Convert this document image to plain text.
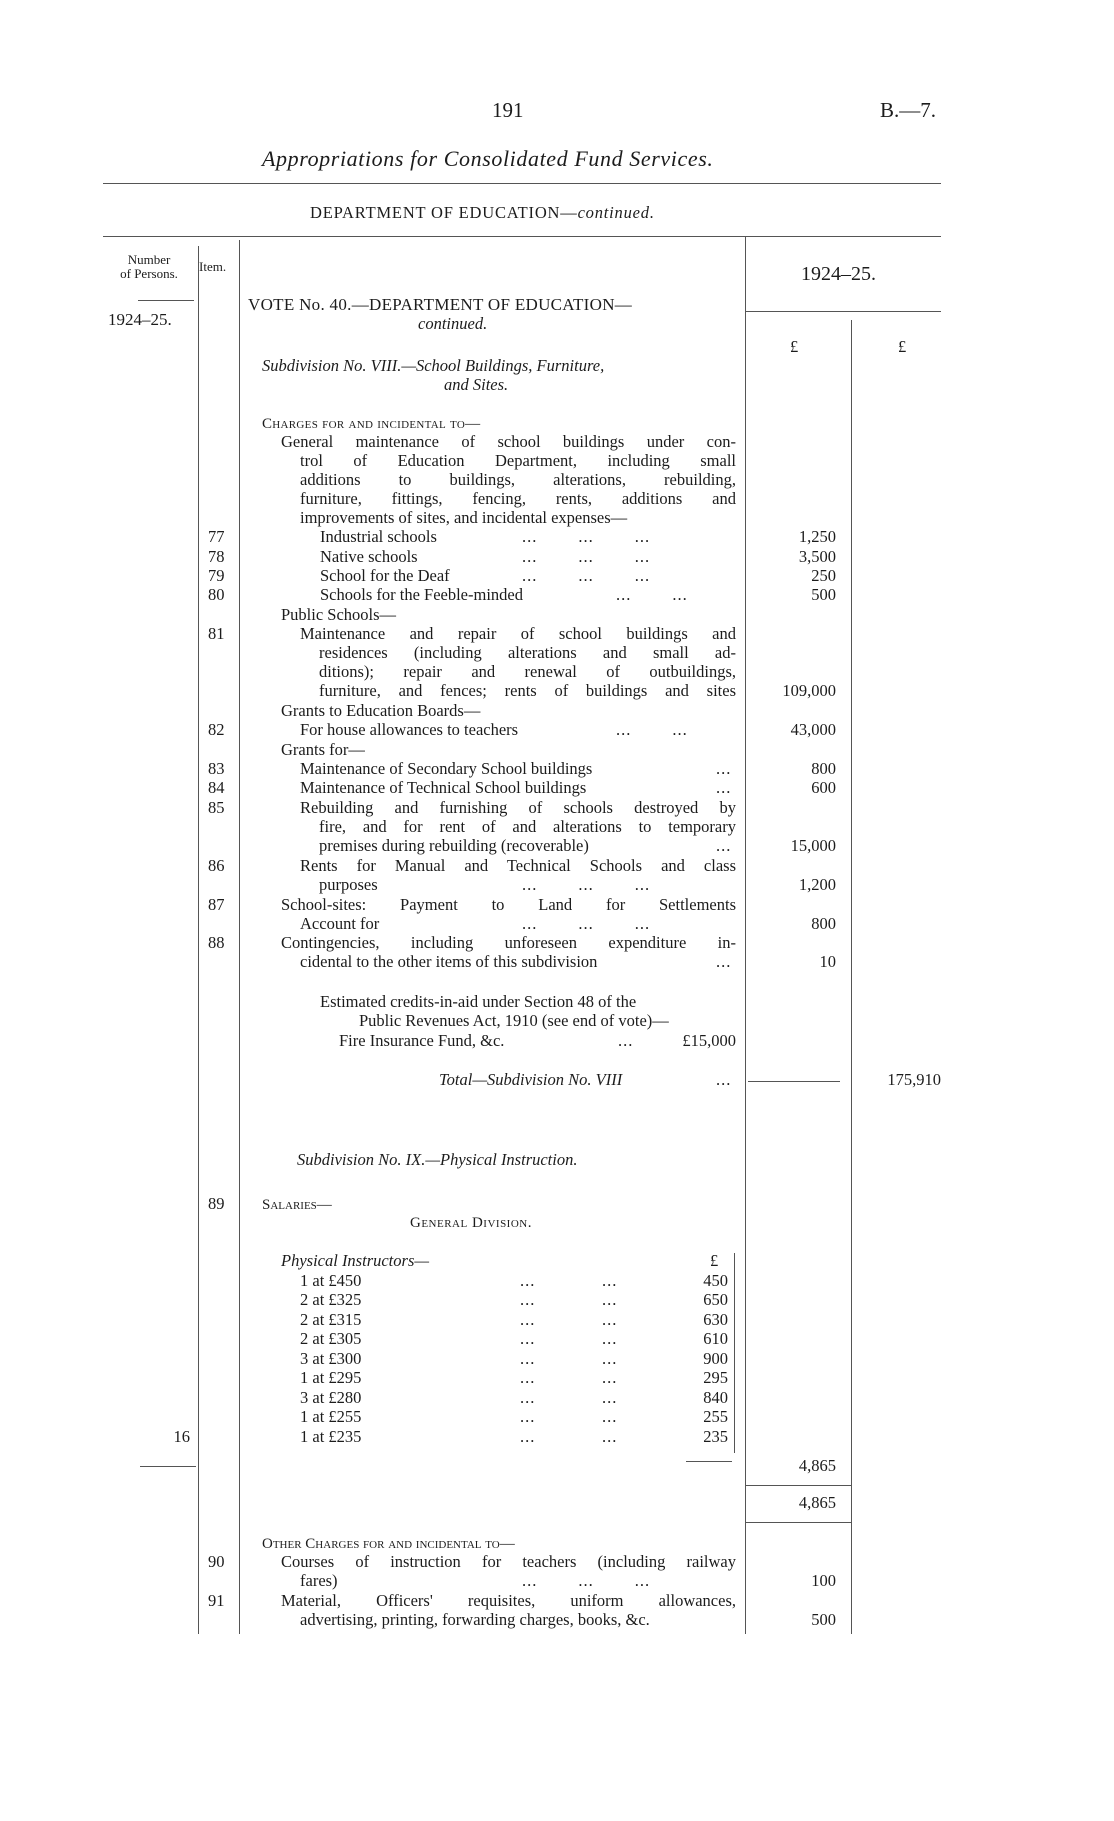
191	B.—7.
Appropriations for Consolidated Fund Services.
DEPARTMENT OF EDUCATION—continued.
Number
of Persons.	Item.
1924–25.
1924–25.
£	£
VOTE No. 40.—DEPARTMENT OF EDUCATION—
continued.
Subdivision No. VIII.—School Buildings, Furniture,
and Sites.
Charges for and incidental to—
General maintenance of school buildings under con-
trol of Education Department, including small
additions to buildings, alterations, rebuilding,
furniture, fittings, fencing, rents, additions and
improvements of sites, and incidental expenses—
77	Industrial schools	...        ...        ...	1,250
78	Native schools	...        ...        ...	3,500
79	School for the Deaf	...        ...        ...	250
80	Schools for the Feeble-minded	...        ...	500
Public Schools—
81	Maintenance and repair of school buildings and
residences (including alterations and small ad-
ditions); repair and renewal of outbuildings,
furniture, and fences; rents of buildings and sites	109,000
Grants to Education Boards—
82	For house allowances to teachers	...        ...	43,000
Grants for—
83	Maintenance of Secondary School buildings	...	800
84	Maintenance of Technical School buildings	...	600
85	Rebuilding and furnishing of schools destroyed by
fire, and for rent of and alterations to temporary
premises during rebuilding (recoverable)	...	15,000
86	Rents for Manual and Technical Schools and class
purposes	...        ...        ...	1,200
87	School-sites: Payment to Land for Settlements
Account for	...        ...        ...	800
88	Contingencies, including unforeseen expenditure in-
cidental to the other items of this subdivision	...	10
Estimated credits-in-aid under Section 48 of the
Public Revenues Act, 1910 (see end of vote)—
Fire Insurance Fund, &c.	...	£15,000
Total—Subdivision No. VIII	...	175,910
Subdivision No. IX.—Physical Instruction.
89	Salaries—
General Division.
Physical Instructors—	£
1 at £450	...             ...	450
2 at £325	...             ...	650
2 at £315	...             ...	630
2 at £305	...             ...	610
3 at £300	...             ...	900
1 at £295	...             ...	295
3 at £280	...             ...	840
1 at £255	...             ...	255
1 at £235	...             ...	235
16
4,865
4,865
Other Charges for and incidental to—
90	Courses of instruction for teachers (including railway
fares)	...        ...        ...	100
91	Material, Officers' requisites, uniform allowances,
advertising, printing, forwarding charges, books, &c.	500
